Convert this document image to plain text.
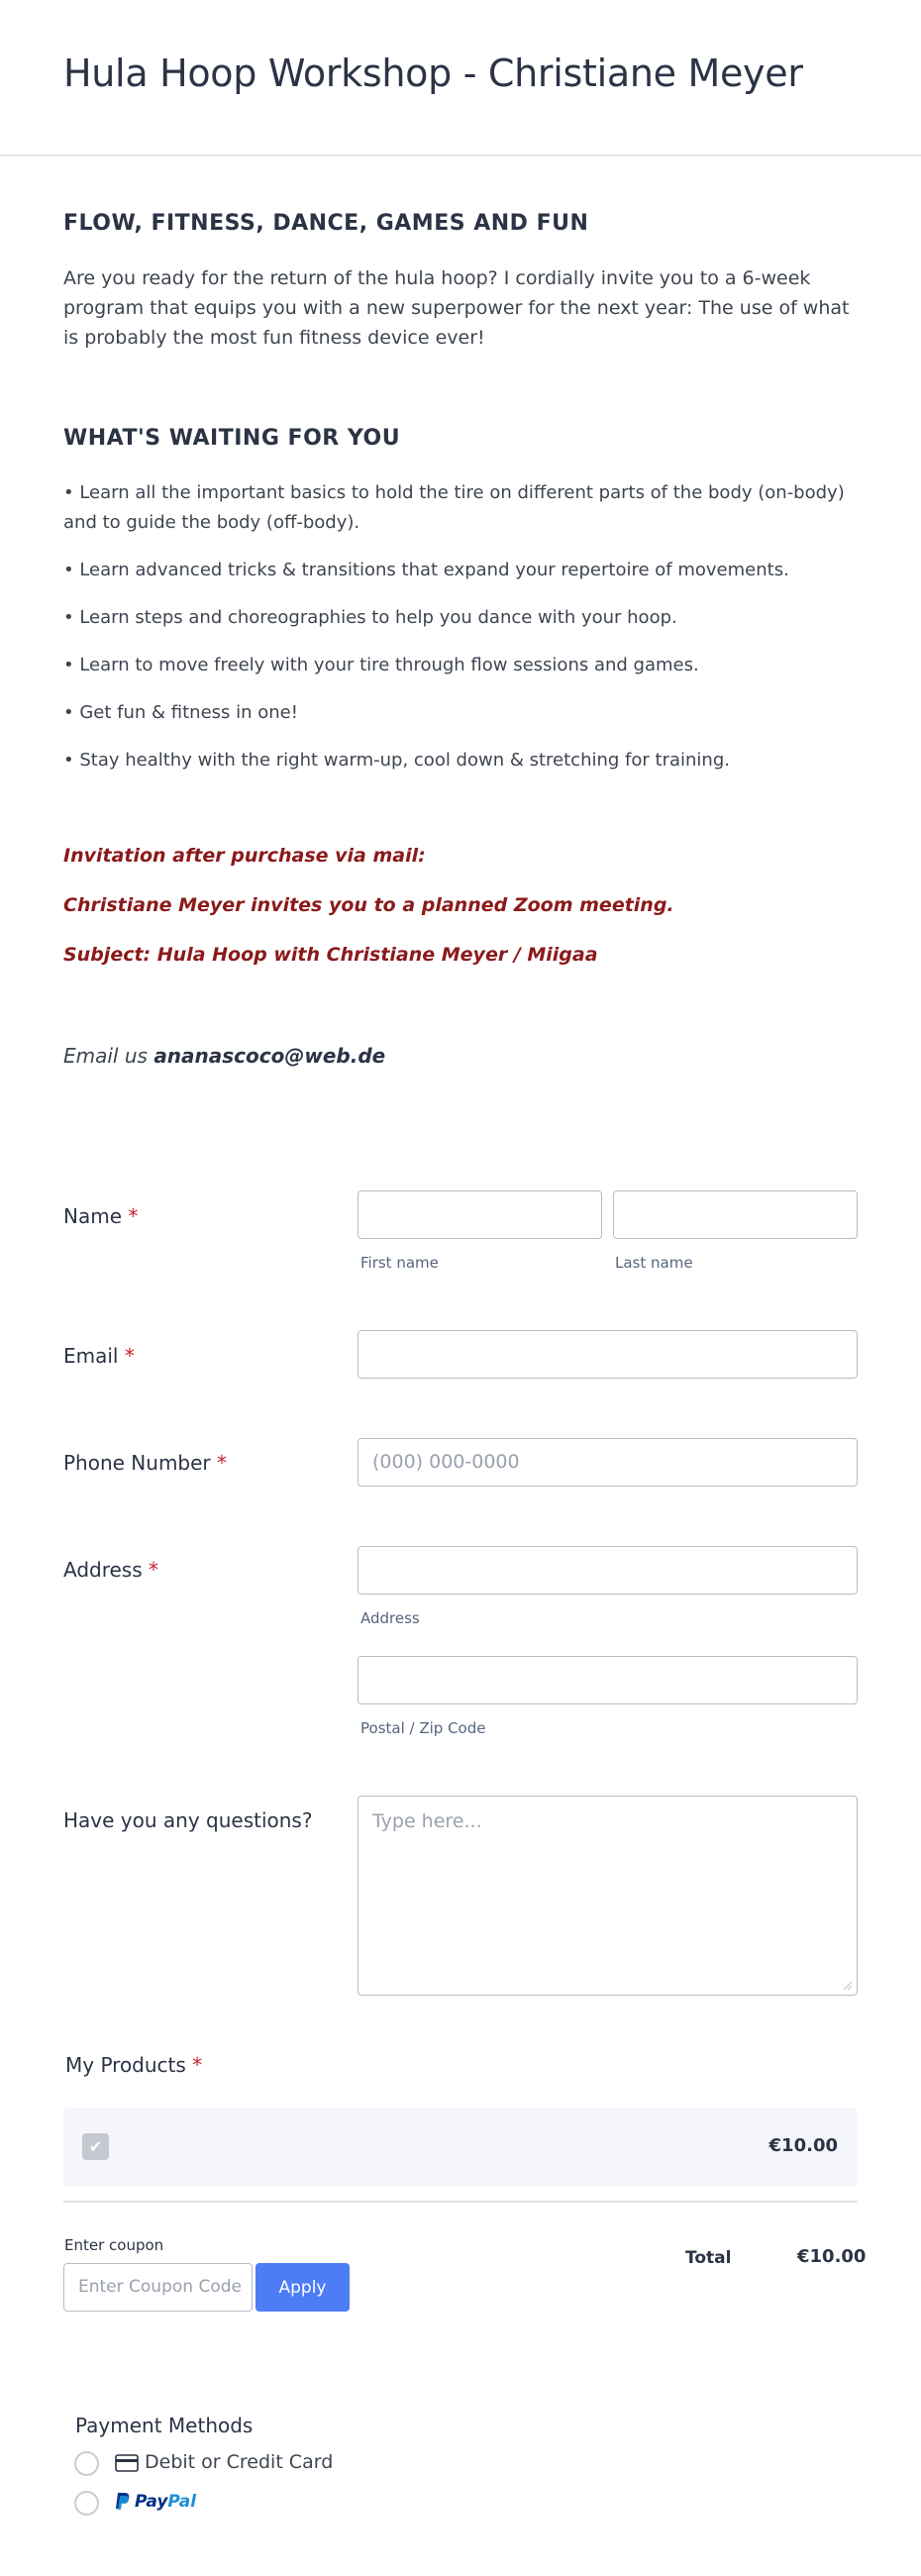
Hula Hoop Workshop - Christiane Meyer
FLOW, FITNESS, DANCE, GAMES AND FUN
Are you ready for the return of the hula hoop? I cordially invite you to a 6-week
program that equips you with a new superpower for the next year: The use of what
is probably the most fun fitness device ever!
WHAT'S WAITING FOR YOU
• Learn all the important basics to hold the tire on different parts of the body (on-body)
and to guide the body (off-body).
• Learn advanced tricks & transitions that expand your repertoire of movements.
• Learn steps and choreographies to help you dance with your hoop.
• Learn to move freely with your tire through flow sessions and games.
• Get fun & fitness in one!
• Stay healthy with the right warm-up, cool down & stretching for training.
Invitation after purchase via mail:
Christiane Meyer invites you to a planned Zoom meeting.
Subject: Hula Hoop with Christiane Meyer / Miigaa
Email us ananascoco@web.de
Name *
First name	Last name
Email *
Phone Number *	(000) 000-0000
Address *
Address
Postal / Zip Code
Have you any questions?	Type here...
My Products *
✔	€10.00
Enter coupon
Enter Coupon Code	Apply
Total	€10.00
Payment Methods
Debit or Credit Card
PayPal
